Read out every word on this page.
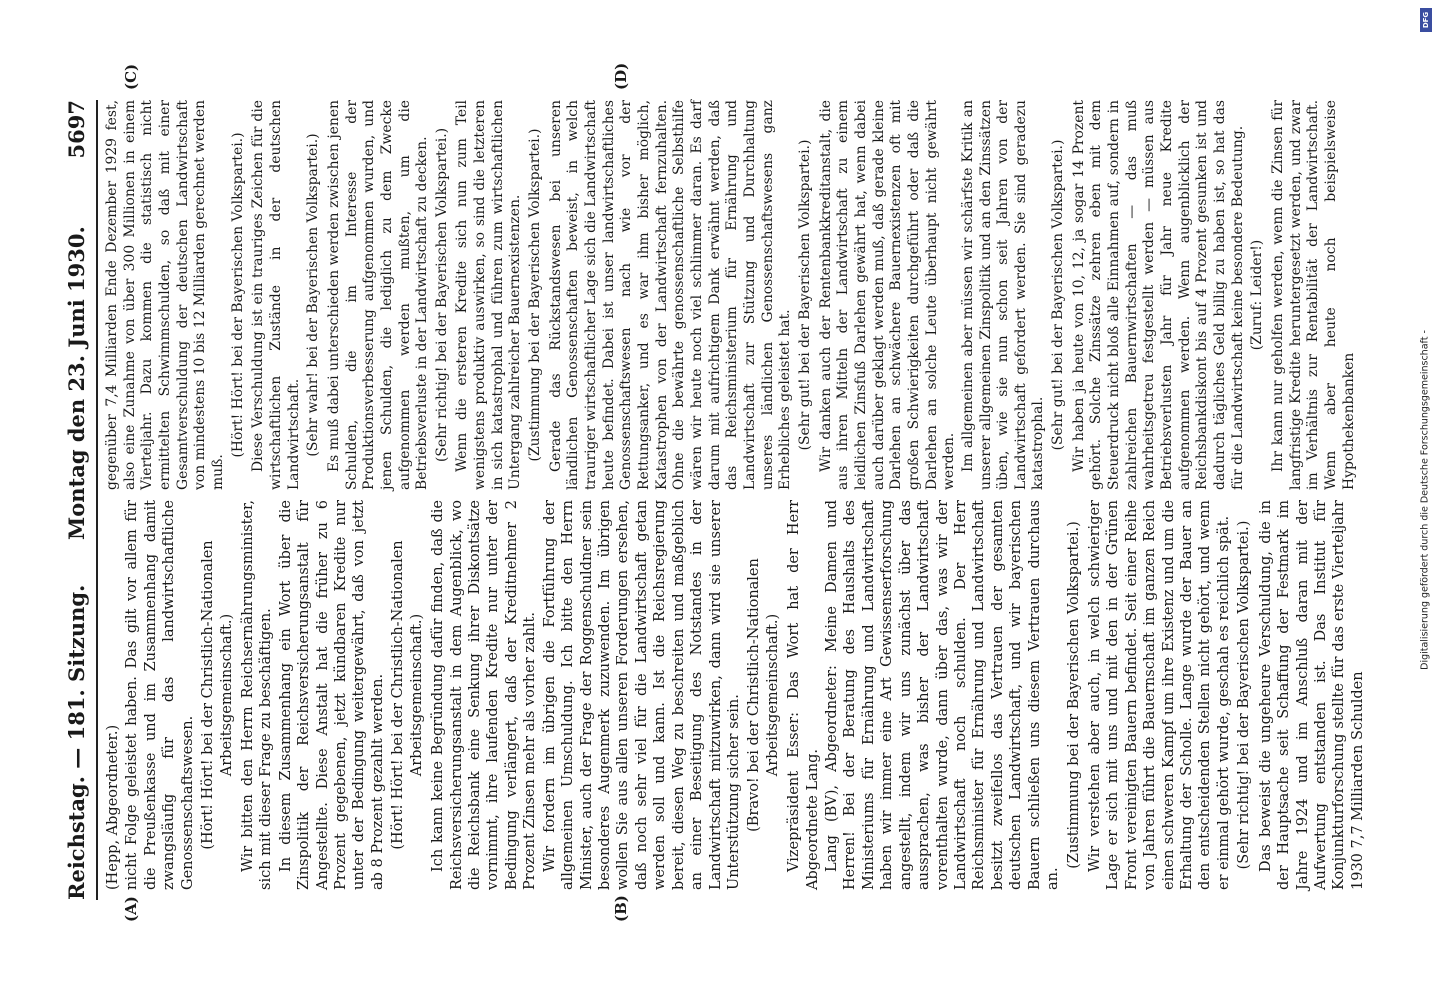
Reichstag. — 181. Sitzung.
Montag den 23. Juni 1930.
5697
(A)	(B)
(C)	(D)

(Hepp, Abgeordneter.) nicht Folge geleistet haben. Das gilt vor allem für die Preußenkasse und im Zusammenhang damit zwangsläufig für das landwirtschaftliche Genossenschaftswesen. (Hört! Hört! bei der Christlich-Nationalen Arbeitsgemeinschaft.) Wir bitten den Herrn Reichsernährungsminister, sich mit dieser Frage zu beschäftigen. In diesem Zusammenhang ein Wort über die Zinspolitik der Reichsversicherungsanstalt für Angestellte. Diese Anstalt hat die früher zu 6 Prozent gegebenen, jetzt kündbaren Kredite nur unter der Bedingung weitergewährt, daß von jetzt ab 8 Prozent gezahlt werden. (Hört! Hört! bei der Christlich-Nationalen Arbeitsgemeinschaft.) Ich kann keine Begründung dafür finden, daß die Reichsversicherungsanstalt in dem Augenblick, wo die Reichsbank eine Senkung ihrer Diskontsätze vornimmt, ihre laufenden Kredite nur unter der Bedingung verlängert, daß der Kreditnehmer 2 Prozent Zinsen mehr als vorher zahlt. Wir fordern im übrigen die Fortführung der allgemeinen Umschuldung. Ich bitte den Herrn Minister, auch der Frage der Roggenschuldner sein besonderes Augenmerk zuzuwenden. Im übrigen wollen Sie aus allen unseren Forderungen ersehen, daß noch sehr viel für die Landwirtschaft getan werden soll und kann. Ist die Reichsregierung bereit, diesen Weg zu beschreiten und maßgeblich an einer Beseitigung des Notstandes in der Landwirtschaft mitzuwirken, dann wird sie unserer Unterstützung sicher sein. (Bravo! bei der Christlich-Nationalen Arbeitsgemeinschaft.) Vizepräsident Esser: Das Wort hat der Herr Abgeordnete Lang. Lang (BV), Abgeordneter: Meine Damen und Herren! Bei der Beratung des Haushalts des Ministeriums für Ernährung und Landwirtschaft haben wir immer eine Art Gewissenserforschung angestellt, indem wir uns zunächst über das aussprachen, was bisher der Landwirtschaft vorenthalten wurde, dann über das, was wir der Landwirtschaft noch schulden. Der Herr Reichsminister für Ernährung und Landwirtschaft besitzt zweifellos das Vertrauen der gesamten deutschen Landwirtschaft, und wir bayerischen Bauern schließen uns diesem Vertrauen durchaus an.

(Zustimmung bei der Bayerischen Volkspartei.) Wir verstehen aber auch, in welch schwieriger Lage er sich mit uns und mit den in der Grünen Front vereinigten Bauern befindet. Seit einer Reihe von Jahren führt die Bauernschaft im ganzen Reich einen schweren Kampf um ihre Existenz und um die Erhaltung der Scholle. Lange wurde der Bauer an den entscheidenden Stellen nicht gehört, und wenn er einmal gehört wurde, geschah es reichlich spät. (Sehr richtig! bei der Bayerischen Volkspartei.) Das beweist die ungeheure Verschuldung, die in der Hauptsache seit Schaffung der Festmark im Jahre 1924 und im Anschluß daran mit der Aufwertung entstanden ist. Das Institut für Konjunkturforschung stellte für das erste Vierteljahr 1930 7,7 Milliarden Schulden

gegenüber 7,4 Milliarden Ende Dezember 1929 fest, also eine Zunahme von über 300 Millionen in einem Vierteljahr. Dazu kommen die statistisch nicht ermittelten Schwimmschulden, so daß mit einer Gesamtverschuldung der deutschen Landwirtschaft von mindestens 10 bis 12 Milliarden gerechnet werden muß.

(Hört! Hört! bei der Bayerischen Volkspartei.) Diese Verschuldung ist ein trauriges Zeichen für die wirtschaftlichen Zustände in der deutschen Landwirtschaft. (Sehr wahr! bei der Bayerischen Volkspartei.) Es muß dabei unterschieden werden zwischen jenen Schulden, die im Interesse der Produktionsverbesserung aufgenommen wurden, und jenen Schulden, die lediglich zu dem Zwecke aufgenommen werden mußten, um die Betriebsverluste in der Landwirtschaft zu decken. (Sehr richtig! bei der Bayerischen Volkspartei.) Wenn die ersteren Kredite sich nun zum Teil wenigstens produktiv auswirken, so sind die letzteren in sich katastrophal und führen zum wirtschaftlichen Untergang zahlreicher Bauernexistenzen. (Zustimmung bei der Bayerischen Volkspartei.) Gerade das Rückstandswesen bei unseren ländlichen Genossenschaften beweist, in welch trauriger wirtschaftlicher Lage sich die Landwirtschaft heute befindet. Dabei ist unser landwirtschaftliches Genossenschaftswesen nach wie vor der Rettungsanker, und es war ihm bisher möglich, Katastrophen von der Landwirtschaft fernzuhalten. Ohne die bewährte genossenschaftliche Selbsthilfe wären wir heute noch viel schlimmer daran. Es darf darum mit aufrichtigem Dank erwähnt werden, daß das Reichsministerium für Ernährung und Landwirtschaft zur Stützung und Durchhaltung unseres ländlichen Genossenschaftswesens ganz Erhebliches geleistet hat. (Sehr gut! bei der Bayerischen Volkspartei.) Wir danken auch der Rentenbankkreditanstalt, die aus ihren Mitteln der Landwirtschaft zu einem leidlichen Zinsfuß Darlehen gewährt hat, wenn dabei auch darüber geklagt werden muß, daß gerade kleine Darlehen an schwächere Bauernexistenzen oft mit großen Schwierigkeiten durchgeführt oder daß die Darlehen an solche Leute überhaupt nicht gewährt werden. Im allgemeinen aber müssen wir schärfste Kritik an unserer allgemeinen Zinspolitik und an den Zinssätzen üben, wie sie nun schon seit Jahren von der Landwirtschaft gefordert werden. Sie sind geradezu katastrophal. (Sehr gut! bei der Bayerischen Volkspartei.) Wir haben ja heute von 10, 12, ja sogar 14 Prozent gehört. Solche Zinssätze zehren eben mit dem Steuerdruck nicht bloß alle Einnahmen auf, sondern in zahlreichen Bauernwirtschaften — das muß wahrheitsgetreu festgestellt werden — müssen aus Betriebsverlusten Jahr für Jahr neue Kredite aufgenommen werden. Wenn augenblicklich der Reichsbankdiskont bis auf 4 Prozent gesunken ist und dadurch tägliches Geld billig zu haben ist, so hat das für die Landwirtschaft keine besondere Bedeutung. (Zuruf: Leider!) Ihr kann nur geholfen werden, wenn die Zinsen für langfristige Kredite heruntergesetzt werden, und zwar im Verhältnis zur Rentabilität der Landwirtschaft. Wenn aber heute noch beispielsweise Hypothekenbanken	Digitalisierung gefördert durch die Deutsche Forschungsgemeinschaft -
DFG
